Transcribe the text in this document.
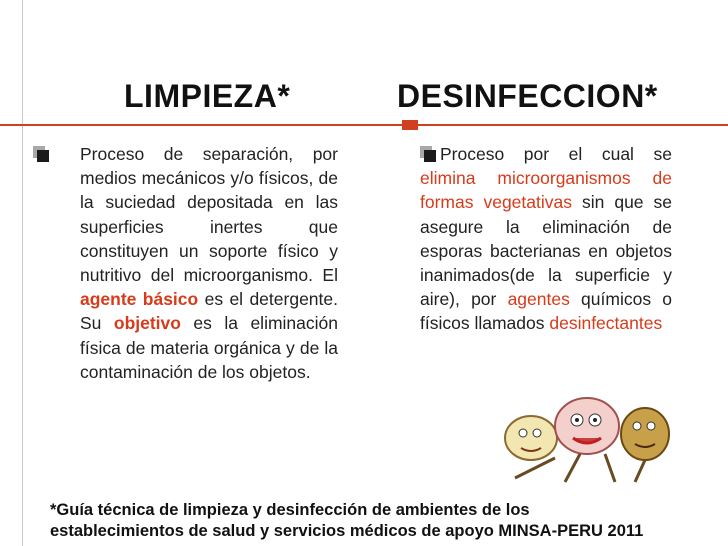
LIMPIEZA*	DESINFECCION*
Proceso de separación, por medios mecánicos y/o físicos, de la suciedad depositada en las superficies inertes que constituyen un soporte físico y nutritivo del microorganismo. El agente básico es el detergente. Su objetivo es la eliminación física de materia orgánica y de la contaminación de los objetos.
Proceso por el cual se elimina microorganismos de formas vegetativas sin que se asegure la eliminación de esporas bacterianas en objetos inanimados(de la superficie y aire), por agentes químicos o físicos llamados desinfectantes
*Guía técnica de limpieza y desinfección de ambientes de los
establecimientos de salud y servicios médicos de apoyo MINSA-PERU 2011
